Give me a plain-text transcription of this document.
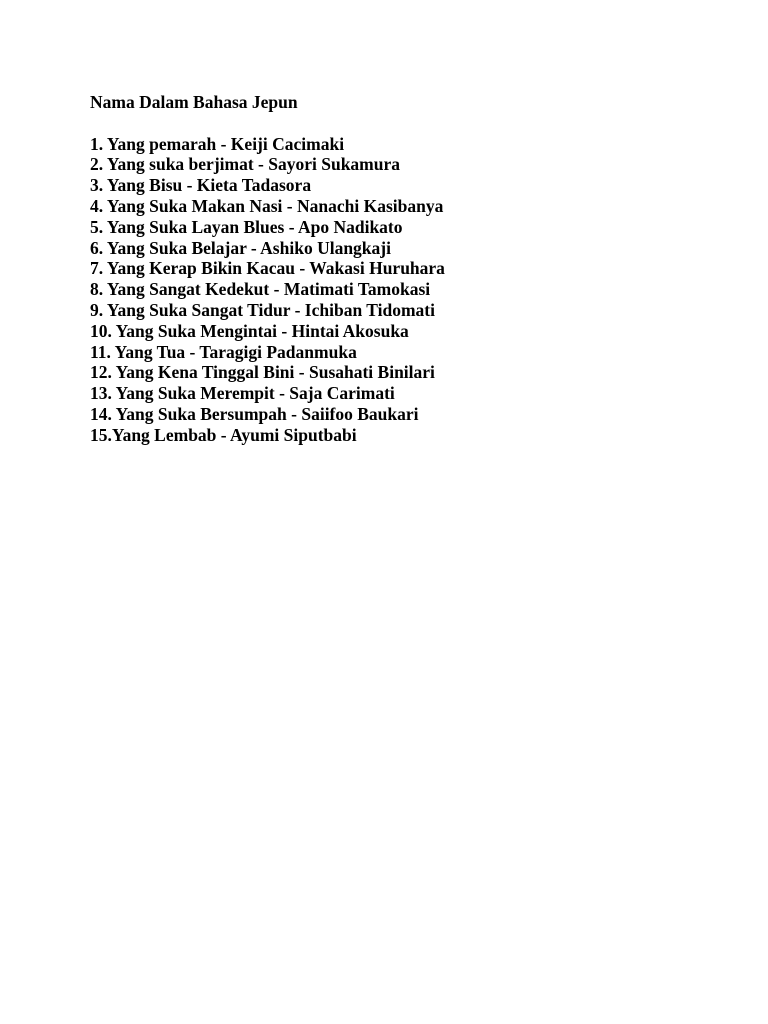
Nama Dalam Bahasa Jepun
1. Yang pemarah - Keiji Cacimaki
2. Yang suka berjimat - Sayori Sukamura
3. Yang Bisu - Kieta Tadasora
4. Yang Suka Makan Nasi - Nanachi Kasibanya
5. Yang Suka Layan Blues - Apo Nadikato
6. Yang Suka Belajar - Ashiko Ulangkaji
7. Yang Kerap Bikin Kacau - Wakasi Huruhara
8. Yang Sangat Kedekut - Matimati Tamokasi
9. Yang Suka Sangat Tidur - Ichiban Tidomati
10. Yang Suka Mengintai - Hintai Akosuka
11. Yang Tua - Taragigi Padanmuka
12. Yang Kena Tinggal Bini - Susahati Binilari
13. Yang Suka Merempit - Saja Carimati
14. Yang Suka Bersumpah - Saiifoo Baukari
15.Yang Lembab - Ayumi Siputbabi
